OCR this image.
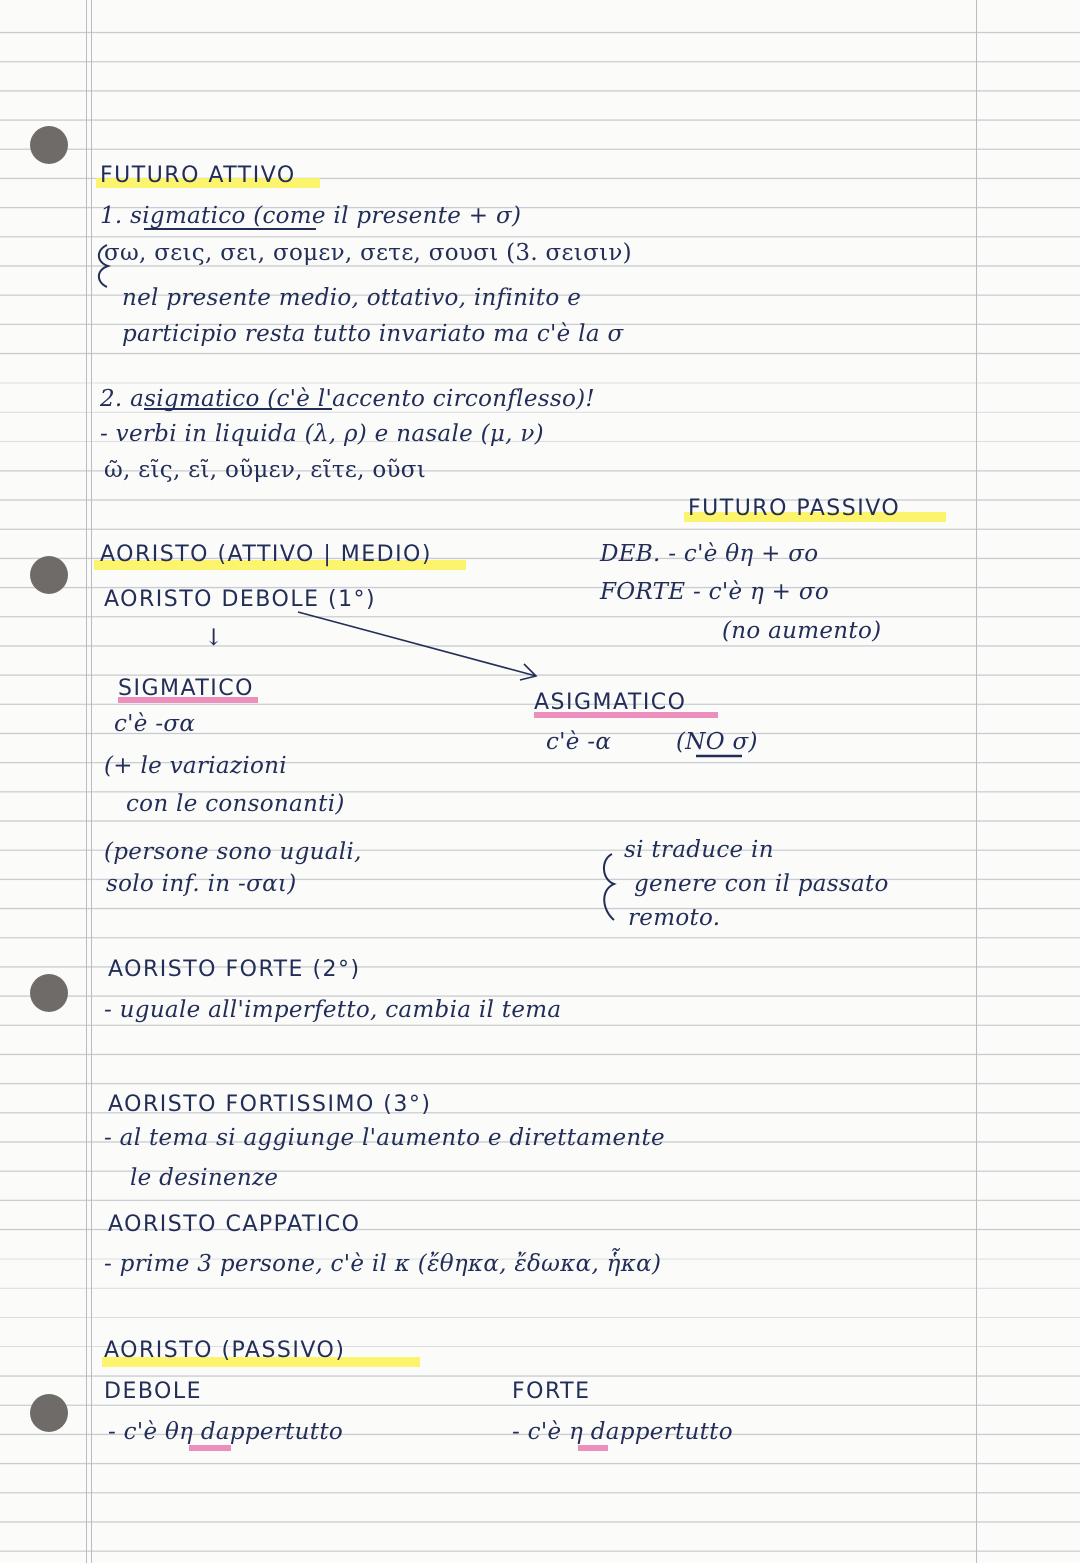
FUTURO ATTIVO
1. sigmatico (come il presente + σ)
σω, σεις, σει, σομεν, σετε, σουσι (3. σεισιν)
nel presente medio, ottativo, infinito e
participio resta tutto invariato ma c'è la σ
2. asigmatico (c'è l'accento circonflesso)!
- verbi in liquida (λ, ρ) e nasale (μ, ν)
ῶ, εῖς, εῖ, οῦμεν, εῖτε, οῦσι
FUTURO PASSIVO
DEB. - c'è θη + σο
FORTE - c'è η + σο
(no aumento)
AORISTO (ATTIVO | MEDIO)
AORISTO DEBOLE (1°)
↓
SIGMATICO
c'è -σα
(+ le variazioni
con le consonanti)
(persone sono uguali,
solo inf. in -σαι)
ASIGMATICO
c'è -α	(NO σ)
si traduce in
genere con il passato
remoto.
AORISTO FORTE (2°)
- uguale all'imperfetto, cambia il tema
AORISTO FORTISSIMO (3°)
- al tema si aggiunge l'aumento e direttamente
le desinenze
AORISTO CAPPATICO
- prime 3 persone, c'è il κ (ἔθηκα, ἔδωκα, ἧκα)
AORISTO (PASSIVO)
DEBOLE
- c'è θη dappertutto
FORTE
- c'è η dappertutto
